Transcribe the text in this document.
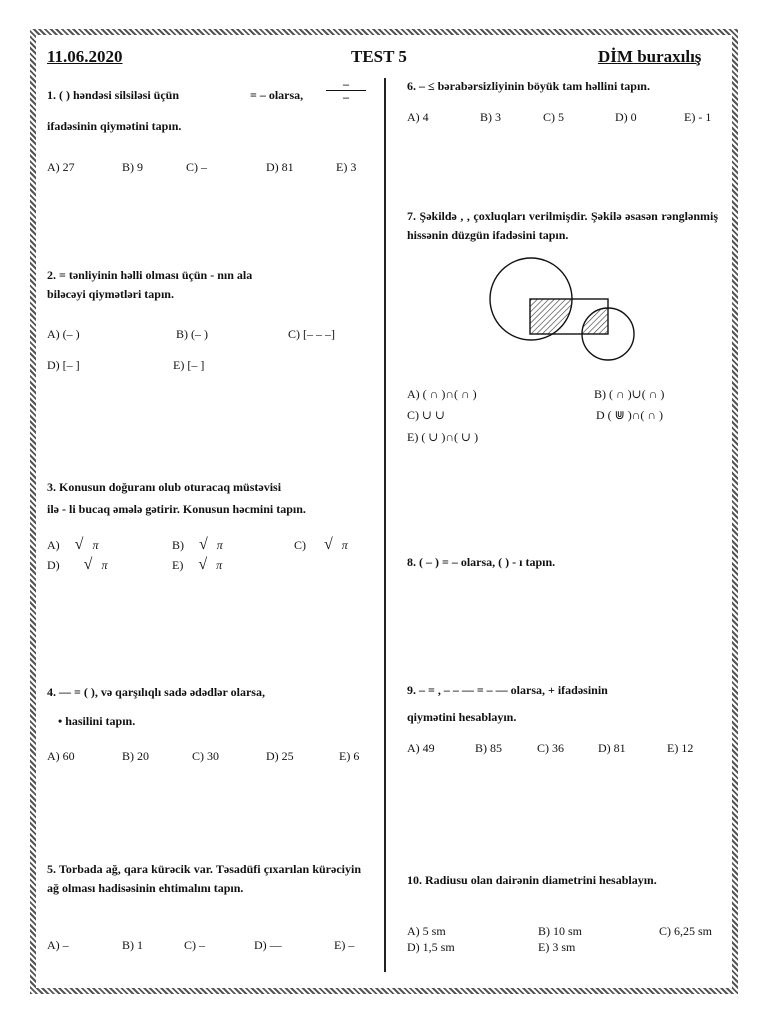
11.06.2020	TEST 5	DİM buraxılış
1. ( ) həndəsi silsiləsi üçün	= – olarsa,
–
–
ifadəsinin qiymətini tapın.
A) 27	B) 9	C) –	D) 81	E) 3
2. = tənliyinin həlli olması üçün - nın ala
biləcəyi qiymətləri tapın.
A) (– )	B) (– )	C) [– – –]
D) [– ]	E) [– ]
3. Konusun doğuranı olub oturacaq müstəvisi
ilə - li bucaq əmələ gətirir. Konusun həcmini tapın.
A) √ π	B) √ π	C) √ π
D) √ π	E) √ π
4. — = ( ), və qarşılıqlı sadə ədədlər olarsa,
• hasilini tapın.
A) 60	B) 20	C) 30	D) 25	E) 6
5. Torbada ağ, qara kürəcik var. Təsadüfi çıxarılan kürəciyin ağ olması hadisəsinin ehtimalını tapın.
A) –	B) 1	C) –	D) —	E) –
6. – ≤ bərabərsizliyinin böyük tam həllini tapın.
A) 4	B) 3	C) 5	D) 0	E) - 1
7. Şəkildə , , çoxluqları verilmişdir. Şəkilə əsasən rənglənmiş hissənin düzgün ifadəsini tapın.
A) ( ∩ )∩( ∩ )	B) ( ∩ )∪( ∩ )
C) ∪ ∪	D ( ⋓ )∩( ∩ )
E) ( ∪ )∩( ∪ )
8. ( – ) = – olarsa, ( ) - ı tapın.
9. – = , – – — = – — olarsa, + ifadəsinin
qiymətini hesablayın.
A) 49	B) 85	C) 36	D) 81	E) 12
10. Radiusu olan dairənin diametrini hesablayın.
A) 5 sm	B) 10 sm	C) 6,25 sm
D) 1,5 sm	E) 3 sm
